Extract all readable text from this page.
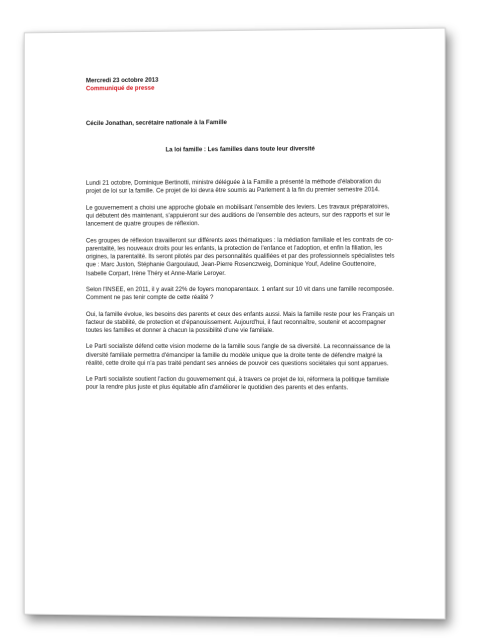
Mercredi 23 octobre 2013

Communiqué de presse

Cécile Jonathan, secrétaire nationale à la Famille

La loi famille : Les familles dans toute leur diversité

Lundi 21 octobre, Dominique Bertinotti, ministre déléguée à la Famille a présenté la méthode d'élaboration du projet de loi sur la famille. Ce projet de loi devra être soumis au Parlement à la fin du premier semestre 2014.

Le gouvernement a choisi une approche globale en mobilisant l'ensemble des leviers. Les travaux préparatoires, qui débutent dès maintenant, s'appuieront sur des auditions de l'ensemble des acteurs, sur des rapports et sur le lancement de quatre groupes de réflexion.

Ces groupes de réflexion travailleront sur différents axes thématiques : la médiation familiale et les contrats de co-parentalité, les nouveaux droits pour les enfants, la protection de l'enfance et l'adoption, et enfin la filiation, les origines, la parentalité. Ils seront pilotés par des personnalités qualifiées et par des professionnels spécialistes tels que : Marc Juston, Stéphanie Gargoulaud, Jean-Pierre Rosenczweig, Dominique Youf, Adeline Gouttenoire, Isabelle Corpart, Irène Théry et Anne-Marie Leroyer.

Selon l'INSEE, en 2011, il y avait 22% de foyers monoparentaux. 1 enfant sur 10 vit dans une famille recomposée. Comment ne pas tenir compte de cette réalité ?

Oui, la famille évolue, les besoins des parents et ceux des enfants aussi. Mais la famille reste pour les Français un facteur de stabilité, de protection et d'épanouissement. Aujourd'hui, il faut reconnaître, soutenir et accompagner toutes les familles et donner à chacun la possibilité d'une vie familiale.

Le Parti socialiste défend cette vision moderne de la famille sous l'angle de sa diversité. La reconnaissance de la diversité familiale permettra d'émanciper la famille du modèle unique que la droite tente de défendre malgré la réalité, cette droite qui n'a pas traité pendant ses années de pouvoir ces questions sociétales qui sont apparues.

Le Parti socialiste soutient l'action du gouvernement qui, à travers ce projet de loi, réformera la politique familiale pour la rendre plus juste et plus équitable afin d'améliorer le quotidien des parents et des enfants.
